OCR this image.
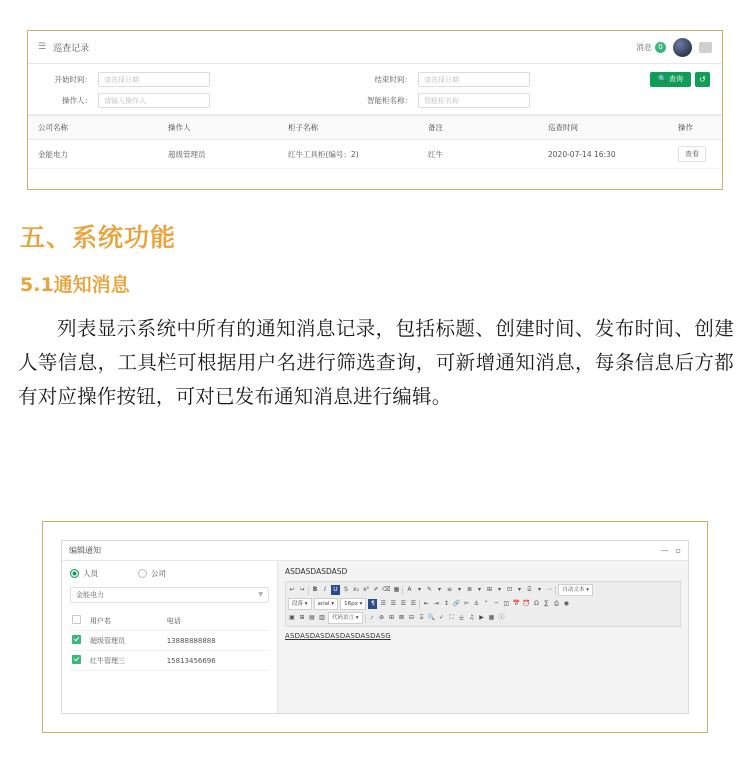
☰ 巡查记录	消息 0
开始时间：	请选择日期	结束时间：	请选择日期	🔍 查询	↺
操作人：	请输入操作人	智能柜名称：	智能柜名称
公司名称	操作人	柜子名称	备注	巡查时间	操作
金能电力	超级管理员	红牛工具柜(编号：2)	红牛	2020-07-14 16:30	查看
五、系统功能
5.1通知消息
列表显示系统中所有的通知消息记录，包括标题、创建时间、发布时间、创建人等信息，工具栏可根据用户名进行筛选查询，可新增通知消息，每条信息后方都有对应操作按钮，可对已发布通知消息进行编辑。
编辑通知	— ▫
人员	公司
金能电力	▼
	用户名	电话
	超级管理员	13888888888
	红牛管理三	15813456696
ASDASDASDASD
↩ ↪ B	I	U	S x₂ x² ✐ ⌫ ▦	A	▾ ✎ ▾ ≡ ▾ ≣ ▾ ⊞ ▾ ⊡ ▾	⌸	▾ ⋯ 自动文本 ▾
段落 ▾ arial ▾ 16px ▾	¶ ☰ ☰ ☰ ☰ ⇤ ⇥ ↕ 🔗 ✂ ⚓ “	─ ◫ 📅 ⏰ Ω ∑ ⎙ ◉
▣ ⊞ ▤ ▥ 代码语言 ▾	⍻ ⊛ ⊞ ⊠ ⊟ ⌻ 🔍 ✓ ⛶ ⎒ ♫ ▶ ▦ ⓘ
ASDASDASDASDASDASDASG
